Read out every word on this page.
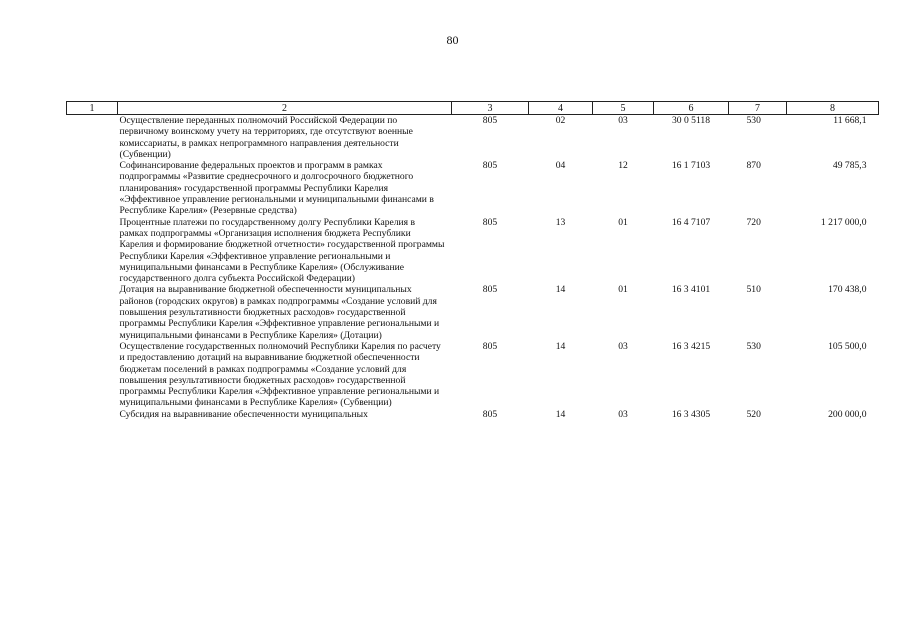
80
1	2	3	4	5	6	7	8
Осуществление переданных полномочий Российской Федерации по первичному воинскому учету на территориях, где отсутствуют военные комиссариаты, в рамках непрограммного направления деятельности (Субвенции)		805	02	03	30 0 5118	530	11 668,1
Софинансирование федеральных проектов и программ в рамках подпрограммы «Развитие среднесрочного и долгосрочного бюджетного планирования» государственной программы Республики Карелия «Эффективное управление региональными и муниципальными финансами в Республике Карелия» (Резервные средства)		805	04	12	16 1 7103	870	49 785,3
Процентные платежи по государственному долгу Республики Карелия в рамках подпрограммы «Организация исполнения бюджета Республики Карелия и формирование бюджетной отчетности» государственной программы Республики Карелия «Эффективное управление региональными и муниципальными финансами в Республике Карелия» (Обслуживание государственного долга субъекта Российской Федерации)		805	13	01	16 4 7107	720	1 217 000,0
Дотация на выравнивание бюджетной обеспеченности муниципальных районов (городских округов) в рамках подпрограммы «Создание условий для повышения результативности бюджетных расходов» государственной программы Республики Карелия «Эффективное управление региональными и муниципальными финансами в Республике Карелия» (Дотации)		805	14	01	16 3 4101	510	170 438,0
Осуществление государственных полномочий Республики Карелия по расчету и предоставлению дотаций на выравнивание бюджетной обеспеченности бюджетам поселений в рамках подпрограммы «Создание условий для повышения результативности бюджетных расходов» государственной программы Республики Карелия «Эффективное управление региональными и муниципальными финансами в Республике Карелия» (Субвенции)		805	14	03	16 3 4215	530	105 500,0
Субсидия на выравнивание обеспеченности муниципальных		805	14	03	16 3 4305	520	200 000,0
